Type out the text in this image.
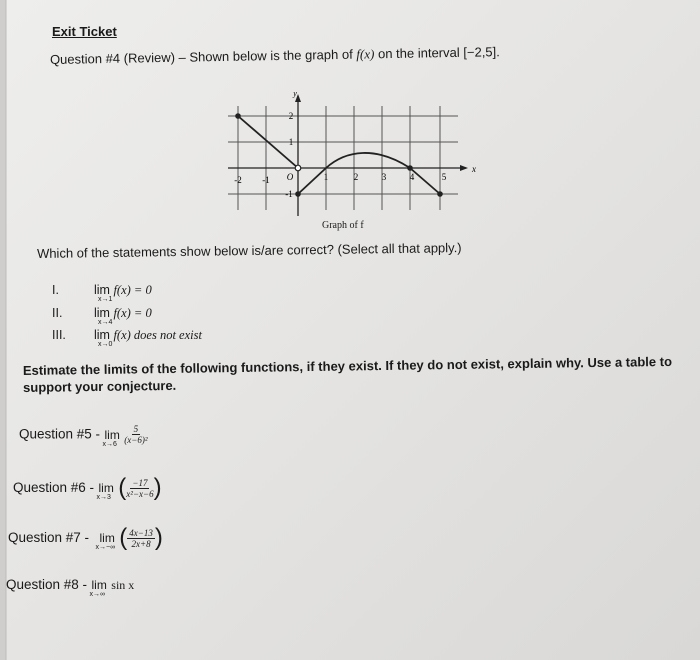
Exit Ticket
Question #4 (Review) – Shown below is the graph of f(x) on the interval [−2,5].
y
x
-2 -1 O	1	2	3	4	5
2
1
-1
Graph of f
Which of the statements show below is/are correct? (Select all that apply.)
I.	lim f(x) = 0
x→1
II.	lim f(x) = 0
x→4
III.	lim f(x) does not exist
x→0
Estimate the limits of the following functions, if they exist. If they do not exist, explain why. Use a table to support your conjecture.
Question #5 - lim
x→6
$\frac{5}{\text{(x−6)²}}$
Question #6 - lim
x→3 ( $\frac{-17}{\text{x²−x−6}}$ )
Question #7 - lim
x→−∞ ( $\frac{4x-13}{2x+8}$ )
Question #8 - lim
x→∞
sin x
